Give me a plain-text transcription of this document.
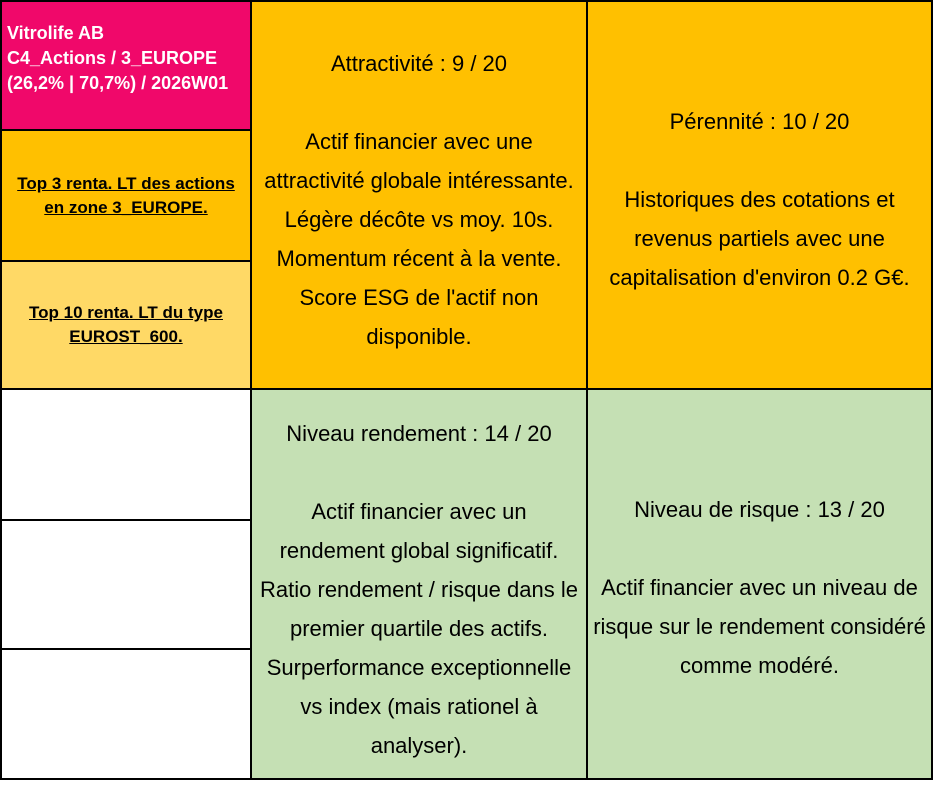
Vitrolife AB
C4_Actions / 3_EUROPE
(26,2% | 70,7%) / 2026W01
Top 3 renta. LT des actions en zone 3_EUROPE.
Top 10 renta. LT du type EUROST_600.
Attractivité : 9 / 20
Actif financier avec une attractivité globale intéressante. Légère décôte vs moy. 10s. Momentum récent à la vente. Score ESG de l'actif non disponible.
Pérennité : 10 / 20
Historiques des cotations et revenus partiels avec une capitalisation d'environ 0.2 G€.
Niveau rendement : 14 / 20
Actif financier avec un rendement global significatif. Ratio rendement / risque dans le premier quartile des actifs. Surperformance exceptionnelle vs index (mais rationel à analyser).
Niveau de risque : 13 / 20
Actif financier avec un niveau de risque sur le rendement considéré comme modéré.
